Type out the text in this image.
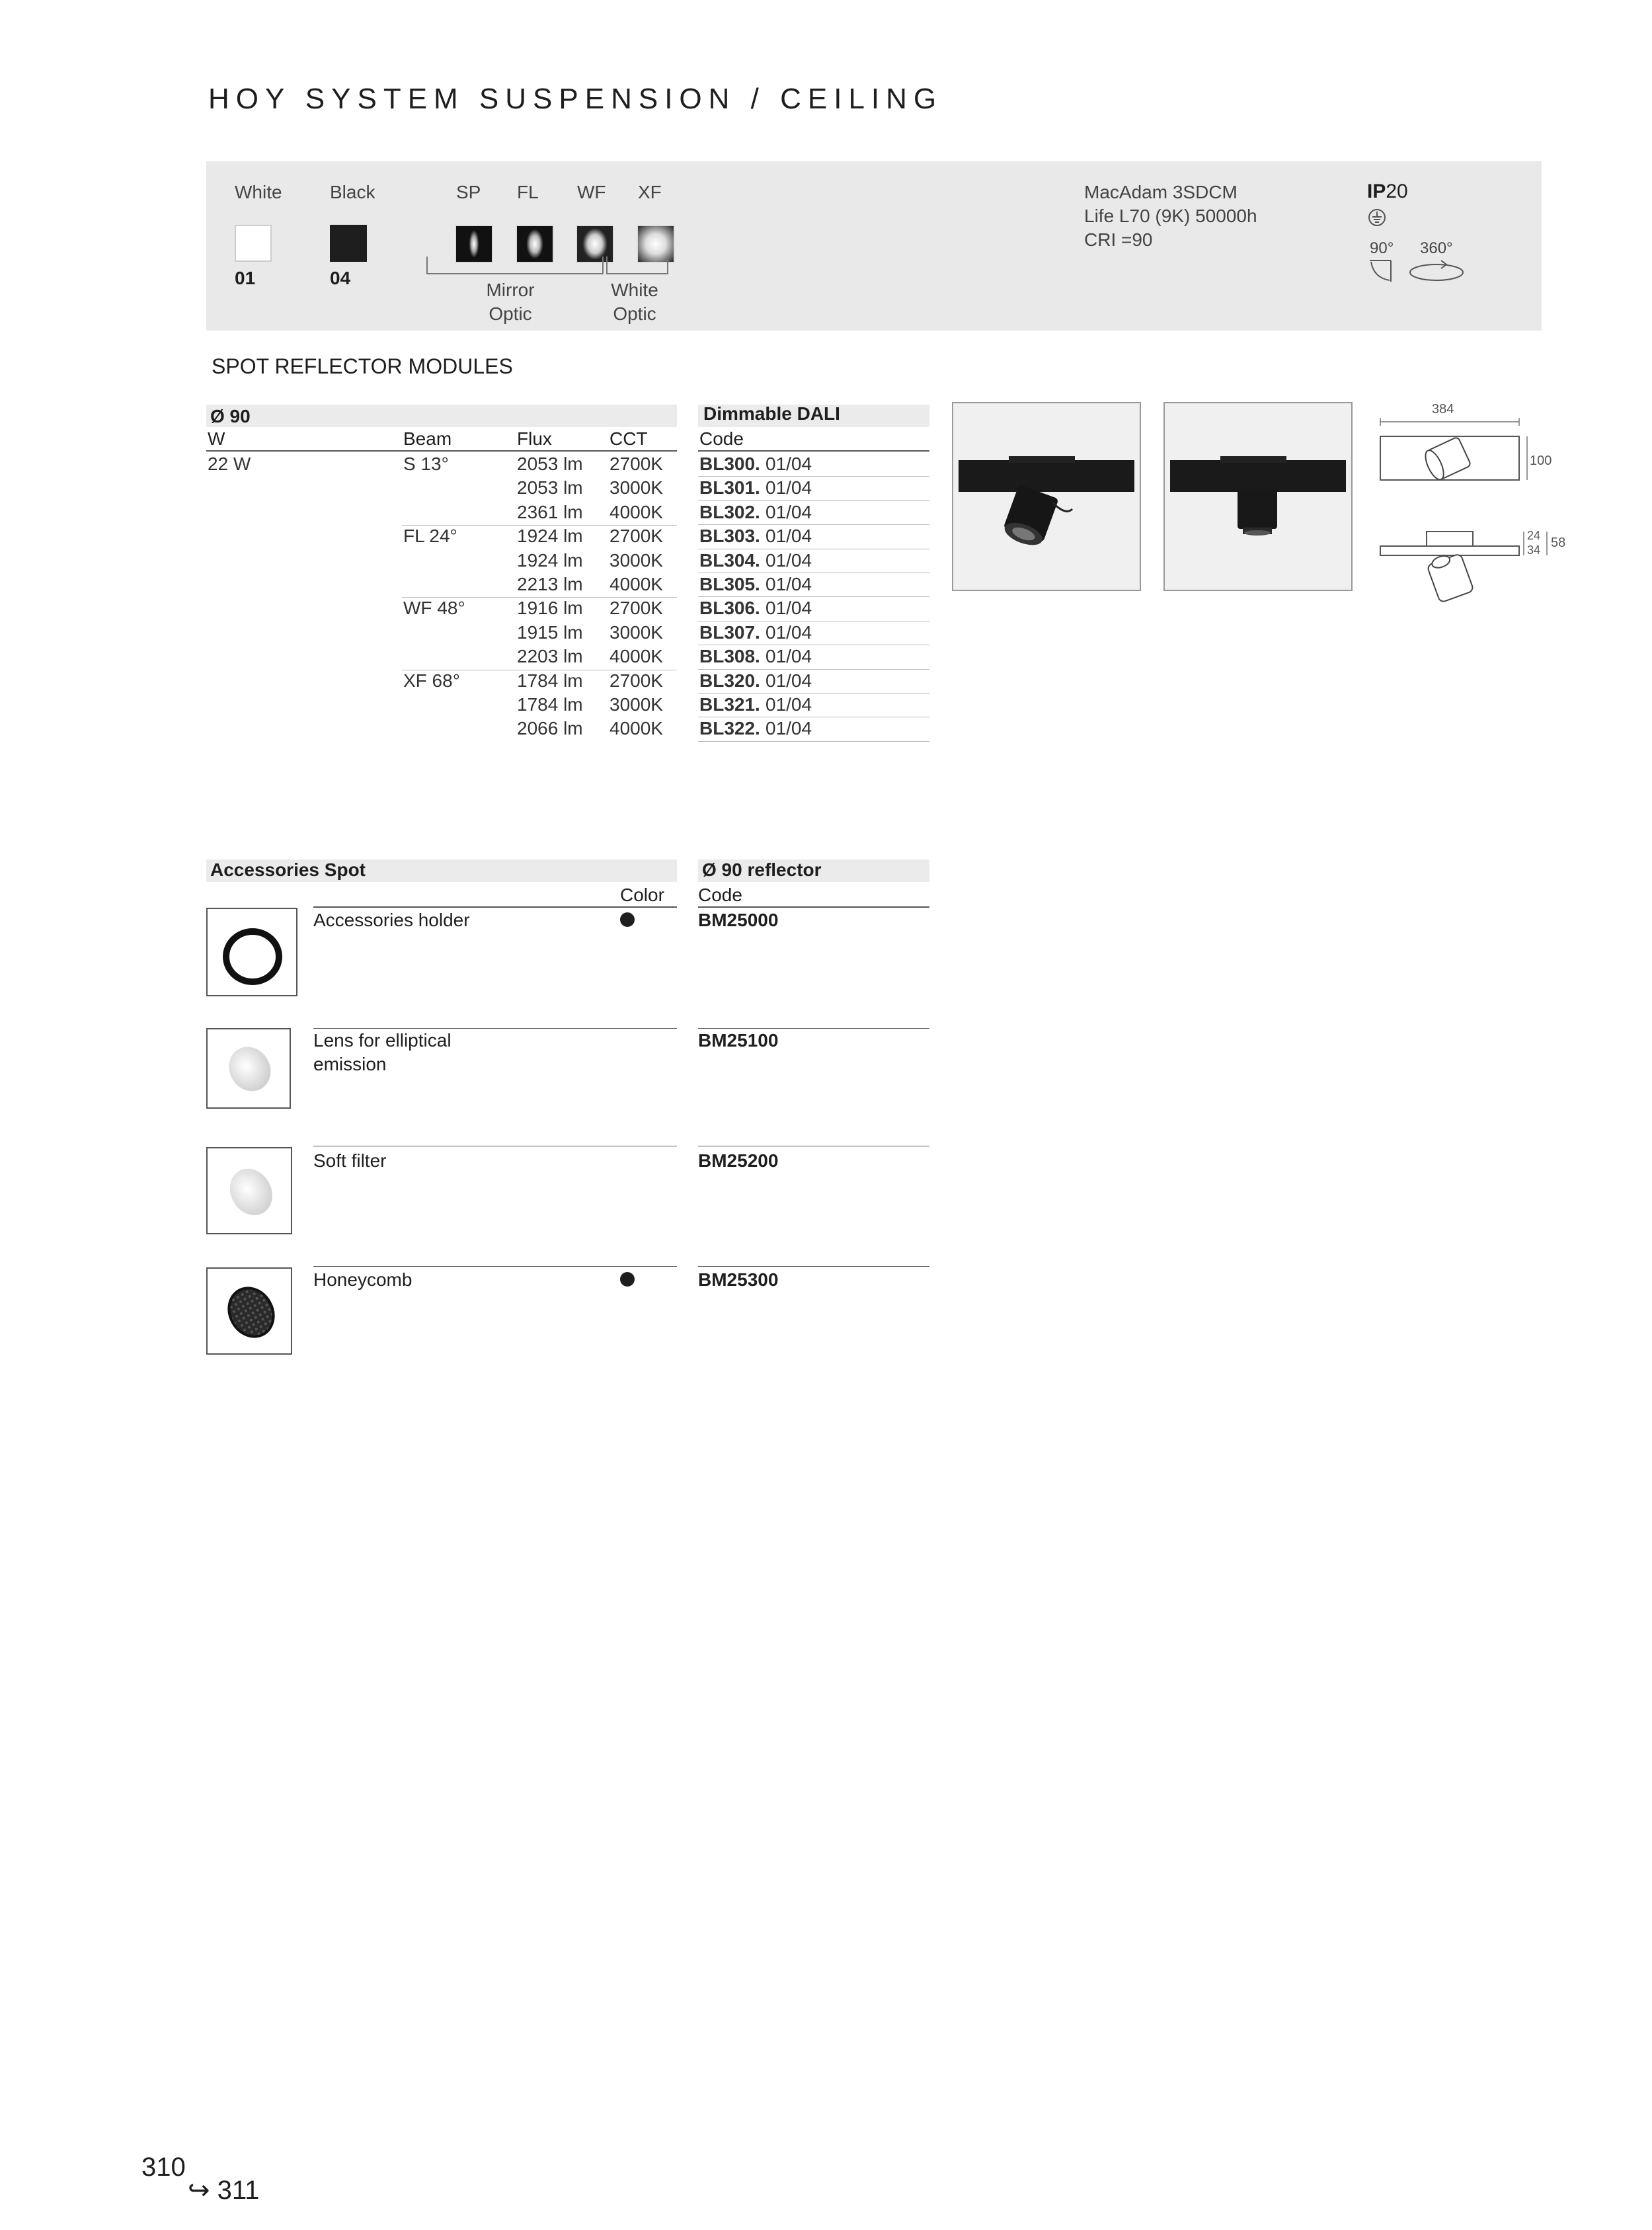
HOY SYSTEM SUSPENSION / CEILING
White
01
Black
04
SP FL WF XF
Mirror
Optic
White
Optic
MacAdam 3SDCM
Life L70 (9K) 50000h
CRI =90
IP20
90° 360°
SPOT REFLECTOR MODULES
Ø 90
W	Beam	Flux	CCT
22 W
Dimmable DALI
Code
S 13°	2053 lm 2700K BL300. 01/04
2053 lm 3000K BL301. 01/04
2361 lm 4000K BL302. 01/04
FL 24°	1924 lm 2700K BL303. 01/04
1924 lm 3000K BL304. 01/04
2213 lm 4000K BL305. 01/04
WF 48°	1916 lm 2700K BL306. 01/04
1915 lm 3000K BL307. 01/04
2203 lm 4000K BL308. 01/04
XF 68°	1784 lm 2700K BL320. 01/04
1784 lm 3000K BL321. 01/04
2066 lm 4000K BL322. 01/04
384
100
24
34 58
Accessories Spot
Color
Ø 90 reflector
Code
Accessories holder	BM25000
Lens for elliptical
emission
BM25100
Soft filter	BM25200
Honeycomb	BM25300
310
↪ 311
